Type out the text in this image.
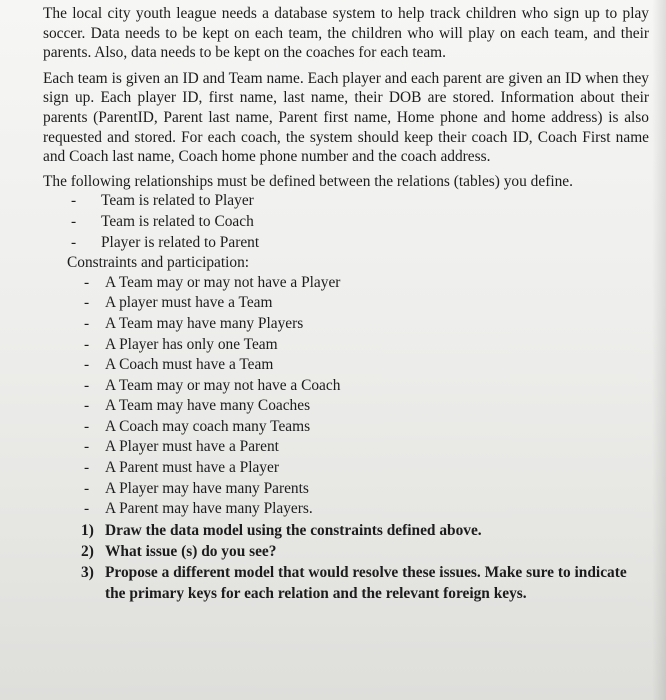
The local city youth league needs a database system to help track children who sign up to play soccer. Data needs to be kept on each team, the children who will play on each team, and their parents. Also, data needs to be kept on the coaches for each team.

Each team is given an ID and Team name. Each player and each parent are given an ID when they sign up. Each player ID, first name, last name, their DOB are stored. Information about their parents (ParentID, Parent last name, Parent first name, Home phone and home address) is also requested and stored. For each coach, the system should keep their coach ID, Coach First name and Coach last name, Coach home phone number and the coach address.

The following relationships must be defined between the relations (tables) you define.

- Team is related to Player
- Team is related to Coach
- Player is related to Parent

Constraints and participation:

- A Team may or may not have a Player
- A player must have a Team
- A Team may have many Players
- A Player has only one Team
- A Coach must have a Team
- A Team may or may not have a Coach
- A Team may have many Coaches
- A Coach may coach many Teams
- A Player must have a Parent
- A Parent must have a Player
- A Player may have many Parents
- A Parent may have many Players.
1) Draw the data model using the constraints defined above.
2) What issue (s) do you see?
3) Propose a different model that would resolve these issues. Make sure to indicate the primary keys for each relation and the relevant foreign keys.
